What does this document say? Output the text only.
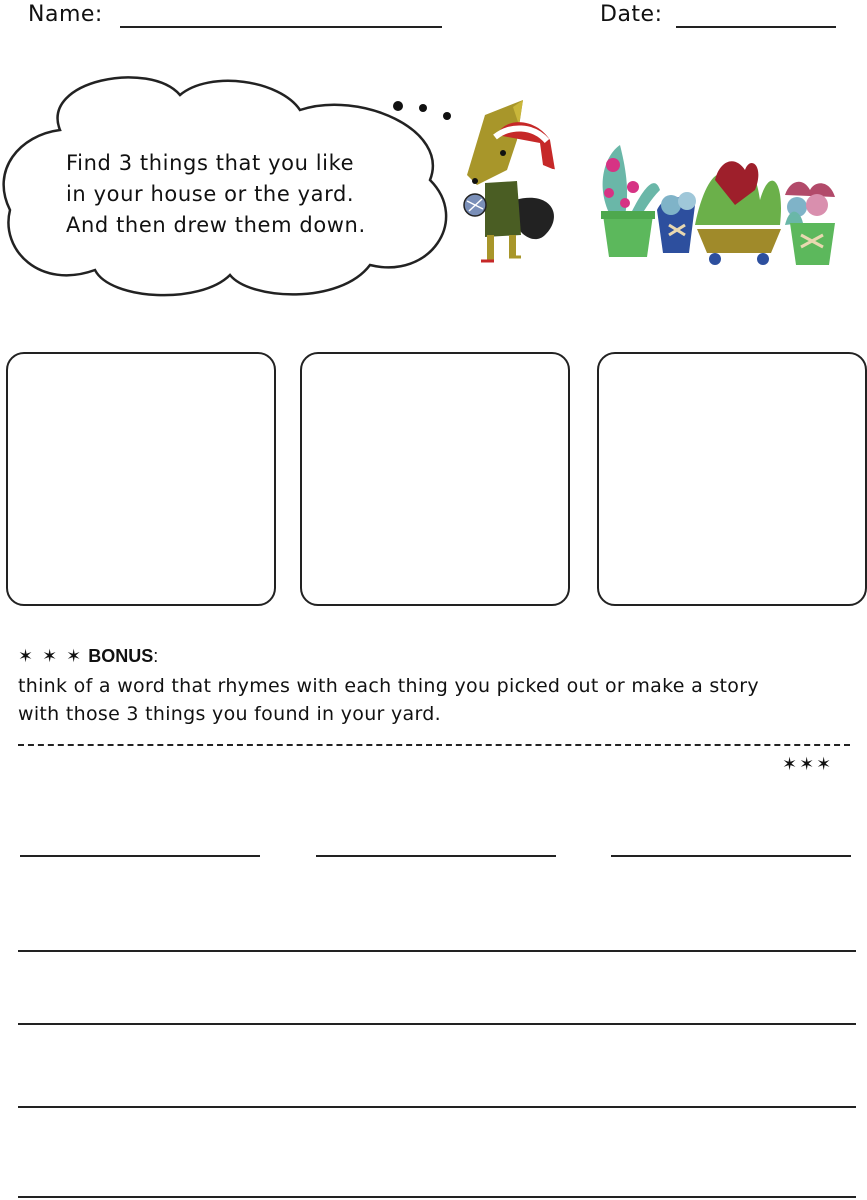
Name:	Date:
Find 3 things that you like
in your house or the yard.
And then drew them down.
✶ ✶ ✶ BONUS:
think of a word that rhymes with each thing you picked out or make a story
with those 3 things you found in your yard.
✶✶✶
